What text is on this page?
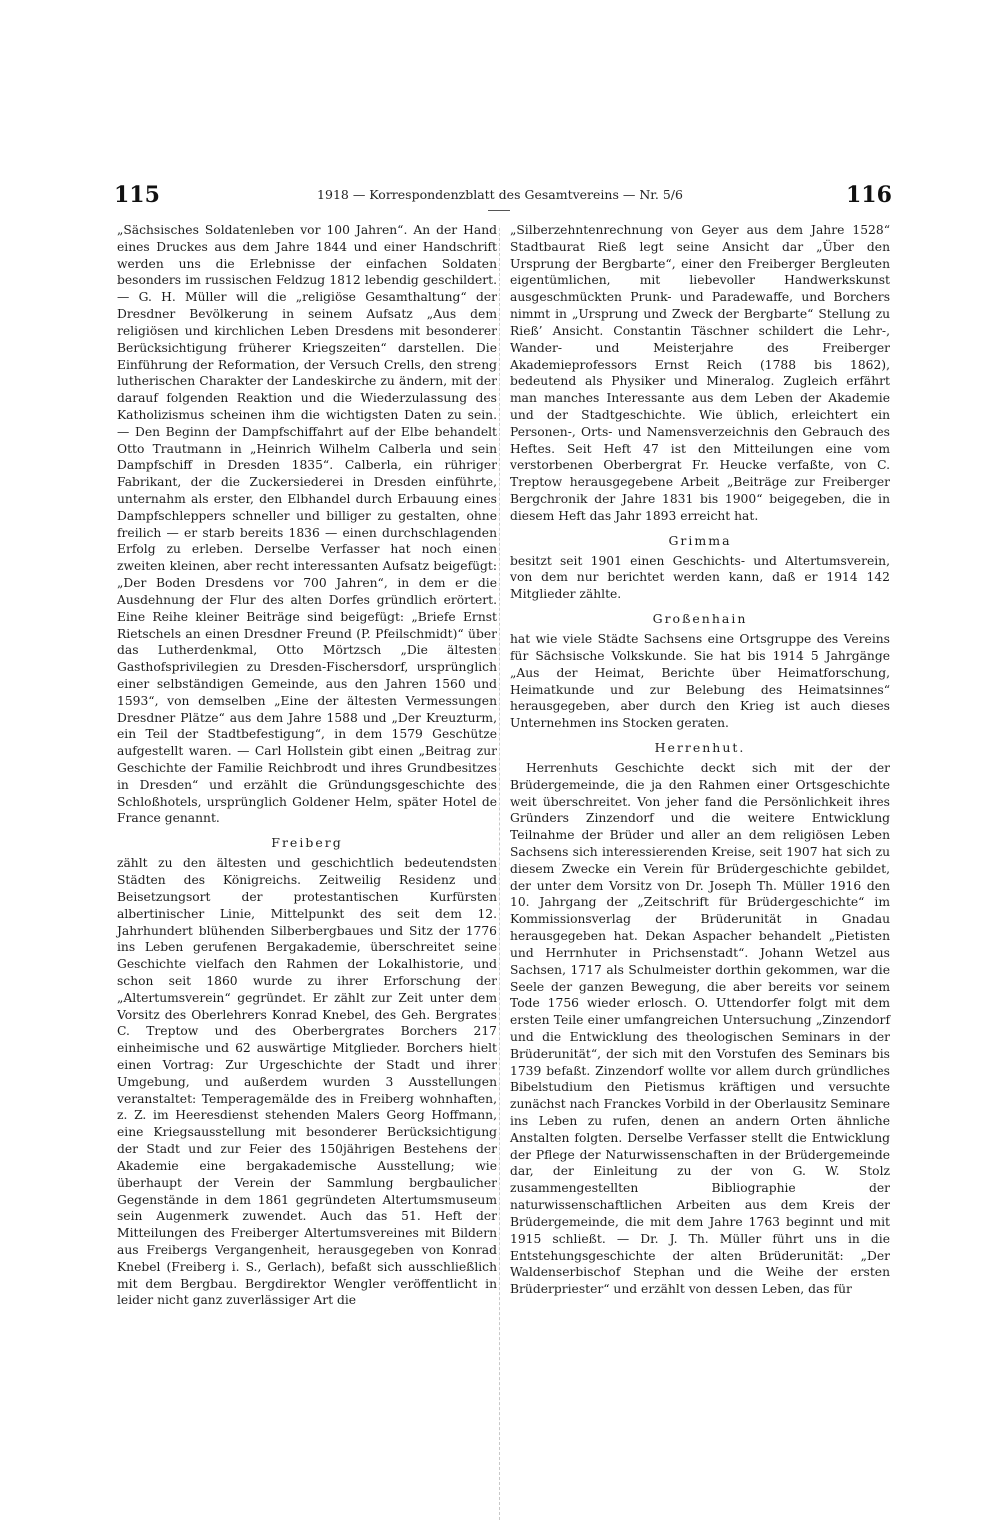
115	1918 — Korrespondenzblatt des Gesamtvereins — Nr. 5/6	116

„Sächsisches Soldatenleben vor 100 Jahren“. An der Hand eines Druckes aus dem Jahre 1844 und einer Handschrift werden uns die Erlebnisse der einfachen Soldaten besonders im russischen Feldzug 1812 lebendig geschildert. — G. H. Müller will die „religiöse Gesamthaltung“ der Dresdner Bevölkerung in seinem Aufsatz „Aus dem religiösen und kirchlichen Leben Dresdens mit besonderer Berücksichtigung früherer Kriegszeiten“ darstellen. Die Einführung der Reformation, der Versuch Crells, den streng lutherischen Charakter der Landeskirche zu ändern, mit der darauf folgenden Reaktion und die Wiederzulassung des Katholizismus scheinen ihm die wichtigsten Daten zu sein. — Den Beginn der Dampfschiffahrt auf der Elbe behandelt Otto Trautmann in „Heinrich Wilhelm Calberla und sein Dampfschiff in Dresden 1835“. Calberla, ein rühriger Fabrikant, der die Zuckersiederei in Dresden einführte, unternahm als erster, den Elbhandel durch Erbauung eines Dampfschleppers schneller und billiger zu gestalten, ohne freilich — er starb bereits 1836 — einen durchschlagenden Erfolg zu erleben. Derselbe Verfasser hat noch einen zweiten kleinen, aber recht interessanten Aufsatz beigefügt: „Der Boden Dresdens vor 700 Jahren“, in dem er die Ausdehnung der Flur des alten Dorfes gründlich erörtert. Eine Reihe kleiner Beiträge sind beigefügt: „Briefe Ernst Rietschels an einen Dresdner Freund (P. Pfeilschmidt)“ über das Lutherdenkmal, Otto Mörtzsch „Die ältesten Gasthofsprivilegien zu Dresden-Fischersdorf, ursprünglich einer selbständigen Gemeinde, aus den Jahren 1560 und 1593“, von demselben „Eine der ältesten Vermessungen Dresdner Plätze“ aus dem Jahre 1588 und „Der Kreuzturm, ein Teil der Stadtbefestigung“, in dem 1579 Geschütze aufgestellt waren. — Carl Hollstein gibt einen „Beitrag zur Geschichte der Familie Reichbrodt und ihres Grundbesitzes in Dresden“ und erzählt die Gründungsgeschichte des Schloßhotels, ursprünglich Goldener Helm, später Hotel de France genannt.

Freiberg

zählt zu den ältesten und geschichtlich bedeutendsten Städten des Königreichs. Zeitweilig Residenz und Beisetzungsort der protestantischen Kurfürsten albertinischer Linie, Mittelpunkt des seit dem 12. Jahrhundert blühenden Silberbergbaues und Sitz der 1776 ins Leben gerufenen Bergakademie, überschreitet seine Geschichte vielfach den Rahmen der Lokalhistorie, und schon seit 1860 wurde zu ihrer Erforschung der „Altertumsverein“ gegründet. Er zählt zur Zeit unter dem Vorsitz des Oberlehrers Konrad Knebel, des Geh. Bergrates C. Treptow und des Oberbergrates Borchers 217 einheimische und 62 auswärtige Mitglieder. Borchers hielt einen Vortrag: Zur Urgeschichte der Stadt und ihrer Umgebung, und außerdem wurden 3 Ausstellungen veranstaltet: Temperagemälde des in Freiberg wohnhaften, z. Z. im Heeresdienst stehenden Malers Georg Hoffmann, eine Kriegsausstellung mit besonderer Berücksichtigung der Stadt und zur Feier des 150jährigen Bestehens der Akademie eine bergakademische Ausstellung; wie überhaupt der Verein der Sammlung bergbaulicher Gegenstände in dem 1861 gegründeten Altertumsmuseum sein Augenmerk zuwendet. Auch das 51. Heft der Mitteilungen des Freiberger Altertumsvereines mit Bildern aus Freibergs Vergangenheit, herausgegeben von Konrad Knebel (Freiberg i. S., Gerlach), befaßt sich ausschließlich mit dem Bergbau. Bergdirektor Wengler veröffentlicht in leider nicht ganz zuverlässiger Art die

„Silberzehntenrechnung von Geyer aus dem Jahre 1528“ Stadtbaurat Rieß legt seine Ansicht dar „Über den Ursprung der Bergbarte“, einer den Freiberger Bergleuten eigentümlichen, mit liebevoller Handwerkskunst ausgeschmückten Prunk- und Paradewaffe, und Borchers nimmt in „Ursprung und Zweck der Bergbarte“ Stellung zu Rieß’ Ansicht. Constantin Täschner schildert die Lehr-, Wander- und Meisterjahre des Freiberger Akademieprofessors Ernst Reich (1788 bis 1862), bedeutend als Physiker und Mineralog. Zugleich erfährt man manches Interessante aus dem Leben der Akademie und der Stadtgeschichte. Wie üblich, erleichtert ein Personen-, Orts- und Namensverzeichnis den Gebrauch des Heftes. Seit Heft 47 ist den Mitteilungen eine vom verstorbenen Oberbergrat Fr. Heucke verfaßte, von C. Treptow herausgegebene Arbeit „Beiträge zur Freiberger Bergchronik der Jahre 1831 bis 1900“ beigegeben, die in diesem Heft das Jahr 1893 erreicht hat.

Grimma

besitzt seit 1901 einen Geschichts- und Altertumsverein, von dem nur berichtet werden kann, daß er 1914 142 Mitglieder zählte.

Großenhain

hat wie viele Städte Sachsens eine Ortsgruppe des Vereins für Sächsische Volkskunde. Sie hat bis 1914 5 Jahrgänge „Aus der Heimat, Berichte über Heimatforschung, Heimatkunde und zur Belebung des Heimatsinnes“ herausgegeben, aber durch den Krieg ist auch dieses Unternehmen ins Stocken geraten.

Herrenhut.

Herrenhuts Geschichte deckt sich mit der der Brüdergemeinde, die ja den Rahmen einer Ortsgeschichte weit überschreitet. Von jeher fand die Persönlichkeit ihres Gründers Zinzendorf und die weitere Entwicklung Teilnahme der Brüder und aller an dem religiösen Leben Sachsens sich interessierenden Kreise, seit 1907 hat sich zu diesem Zwecke ein Verein für Brüdergeschichte gebildet, der unter dem Vorsitz von Dr. Joseph Th. Müller 1916 den 10. Jahrgang der „Zeitschrift für Brüdergeschichte“ im Kommissionsverlag der Brüderunität in Gnadau herausgegeben hat. Dekan Aspacher behandelt „Pietisten und Herrnhuter in Prichsenstadt“. Johann Wetzel aus Sachsen, 1717 als Schulmeister dorthin gekommen, war die Seele der ganzen Bewegung, die aber bereits vor seinem Tode 1756 wieder erlosch. O. Uttendorfer folgt mit dem ersten Teile einer umfangreichen Untersuchung „Zinzendorf und die Entwicklung des theologischen Seminars in der Brüderunität“, der sich mit den Vorstufen des Seminars bis 1739 befaßt. Zinzendorf wollte vor allem durch gründliches Bibelstudium den Pietismus kräftigen und versuchte zunächst nach Franckes Vorbild in der Oberlausitz Seminare ins Leben zu rufen, denen an andern Orten ähnliche Anstalten folgten. Derselbe Verfasser stellt die Entwicklung der Pflege der Naturwissenschaften in der Brüdergemeinde dar, der Einleitung zu der von G. W. Stolz zusammengestellten Bibliographie der naturwissenschaftlichen Arbeiten aus dem Kreis der Brüdergemeinde, die mit dem Jahre 1763 beginnt und mit 1915 schließt. — Dr. J. Th. Müller führt uns in die Entstehungsgeschichte der alten Brüderunität: „Der Waldenserbischof Stephan und die Weihe der ersten Brüderpriester“ und erzählt von dessen Leben, das für
